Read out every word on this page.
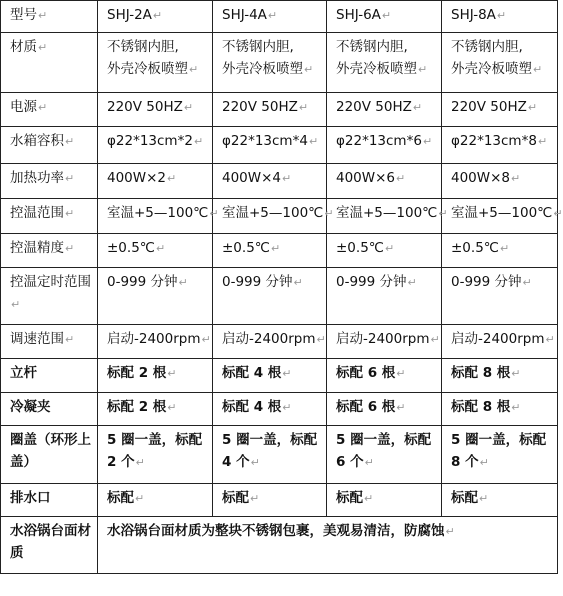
型号↵	SHJ-2A↵	SHJ-4A↵	SHJ-6A↵	SHJ-8A↵
材质↵	不锈钢内胆,
外壳冷板喷塑↵	不锈钢内胆,
外壳冷板喷塑↵	不锈钢内胆,
外壳冷板喷塑↵	不锈钢内胆,
外壳冷板喷塑↵
电源↵	220V 50HZ↵	220V 50HZ↵	220V 50HZ↵	220V 50HZ↵
水箱容积↵	φ22*13cm*2↵	φ22*13cm*4↵	φ22*13cm*6↵	φ22*13cm*8↵
加热功率↵	400W×2↵	400W×4↵	400W×6↵	400W×8↵
控温范围↵	室温+5—100℃↵	室温+5—100℃↵	室温+5—100℃↵	室温+5—100℃↵
控温精度↵	±0.5℃↵	±0.5℃↵	±0.5℃↵	±0.5℃↵
控温定时范围↵	0-999 分钟↵	0-999 分钟↵	0-999 分钟↵	0-999 分钟↵
调速范围↵	启动-2400rpm↵	启动-2400rpm↵	启动-2400rpm↵	启动-2400rpm↵
立杆	标配 2 根↵	标配 4 根↵	标配 6 根↵	标配 8 根↵
冷凝夹	标配 2 根↵	标配 4 根↵	标配 6 根↵	标配 8 根↵
圈盖（环形上盖）	5 圈一盖，标配
2 个↵	5 圈一盖，标配
4 个↵	5 圈一盖，标配
6 个↵	5 圈一盖，标配
8 个↵
排水口	标配↵	标配↵	标配↵	标配↵
水浴锅台面材质	水浴锅台面材质为整块不锈钢包裹，美观易清洁，防腐蚀↵			
